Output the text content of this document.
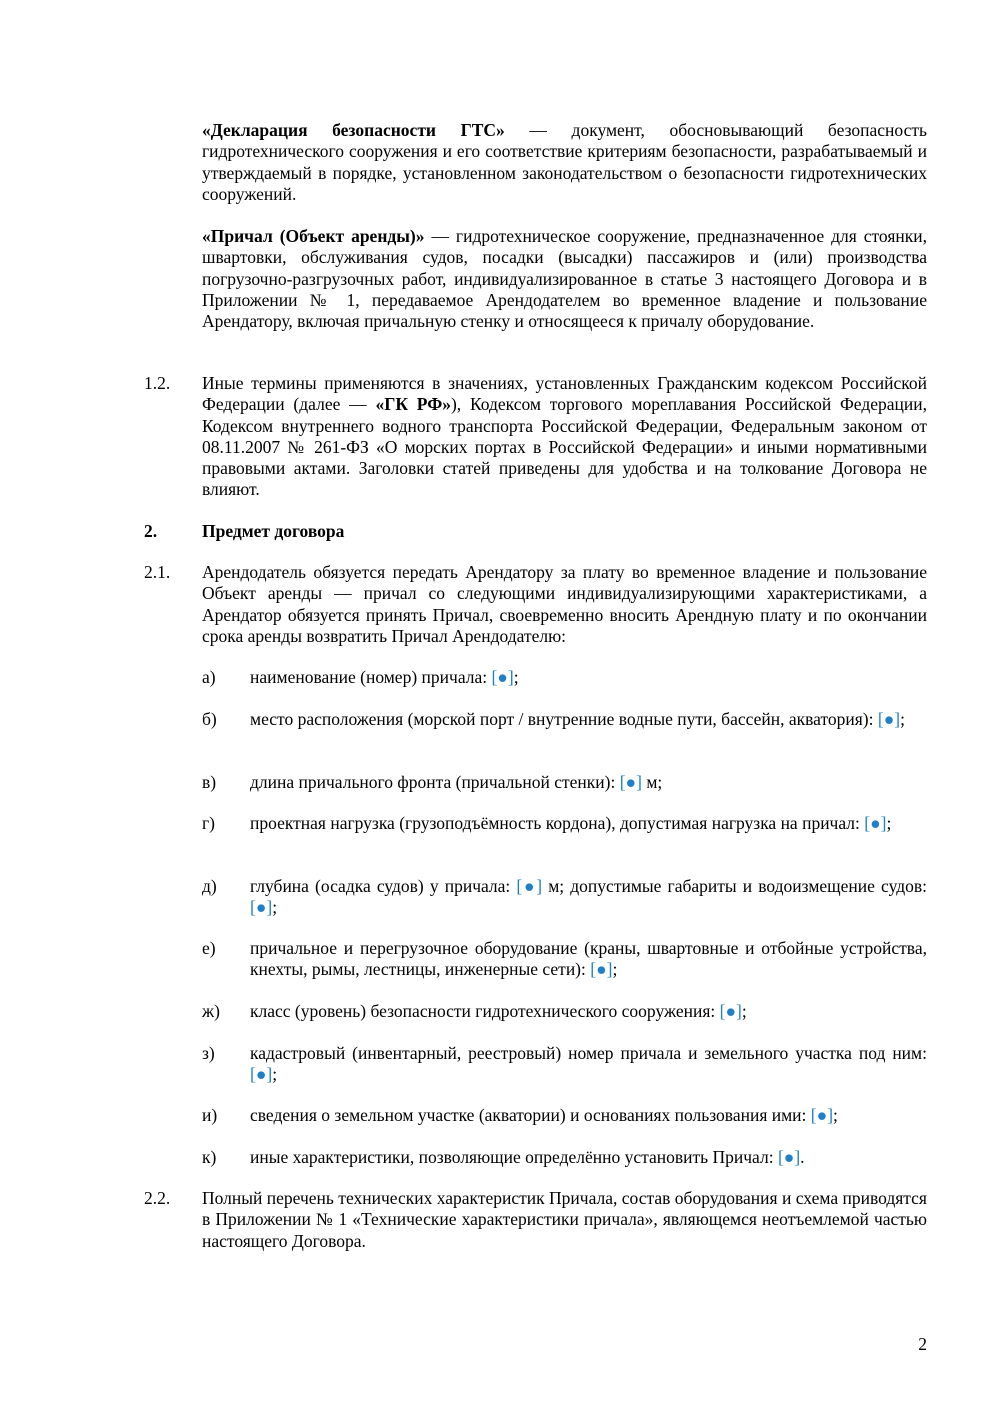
«Декларация безопасности ГТС» — документ, обосновывающий безопасность гидротехнического сооружения и его соответствие критериям безопасности, разрабатываемый и утверждаемый в порядке, установленном законодательством о безопасности гидротехнических сооружений.

«Причал (Объект аренды)» — гидротехническое сооружение, предназначенное для стоянки, швартовки, обслуживания судов, посадки (высадки) пассажиров и (или) производства погрузочно-разгрузочных работ, индивидуализированное в статье 3 настоящего Договора и в Приложении № 1, передаваемое Арендодателем во временное владение и пользование Арендатору, включая причальную стенку и относящееся к причалу оборудование.

1.2. Иные термины применяются в значениях, установленных Гражданским кодексом Российской Федерации (далее — «ГК РФ»), Кодексом торгового мореплавания Российской Федерации, Кодексом внутреннего водного транспорта Российской Федерации, Федеральным законом от 08.11.2007 № 261-ФЗ «О морских портах в Российской Федерации» и иными нормативными правовыми актами. Заголовки статей приведены для удобства и на толкование Договора не влияют.

2.	Предмет договора

2.1. Арендодатель обязуется передать Арендатору за плату во временное владение и пользование Объект аренды — причал со следующими индивидуализирующими характеристиками, а Арендатор обязуется принять Причал, своевременно вносить Арендную плату и по окончании срока аренды возвратить Причал Арендодателю:

а) наименование (номер) причала: [●];

б) место расположения (морской порт / внутренние водные пути, бассейн, акватория): [●];

в) длина причального фронта (причальной стенки): [●] м;

г) проектная нагрузка (грузоподъёмность кордона), допустимая нагрузка на причал: [●];

д) глубина (осадка судов) у причала: [●] м; допустимые габариты и водоизмещение судов: [●];

е) причальное и перегрузочное оборудование (краны, швартовные и отбойные устройства, кнехты, рымы, лестницы, инженерные сети): [●];

ж) класс (уровень) безопасности гидротехнического сооружения: [●];

з) кадастровый (инвентарный, реестровый) номер причала и земельного участка под ним: [●];

и) сведения о земельном участке (акватории) и основаниях пользования ими: [●];

к) иные характеристики, позволяющие определённо установить Причал: [●].

2.2. Полный перечень технических характеристик Причала, состав оборудования и схема приводятся в Приложении № 1 «Технические характеристики причала», являющемся неотъемлемой частью настоящего Договора.

2
